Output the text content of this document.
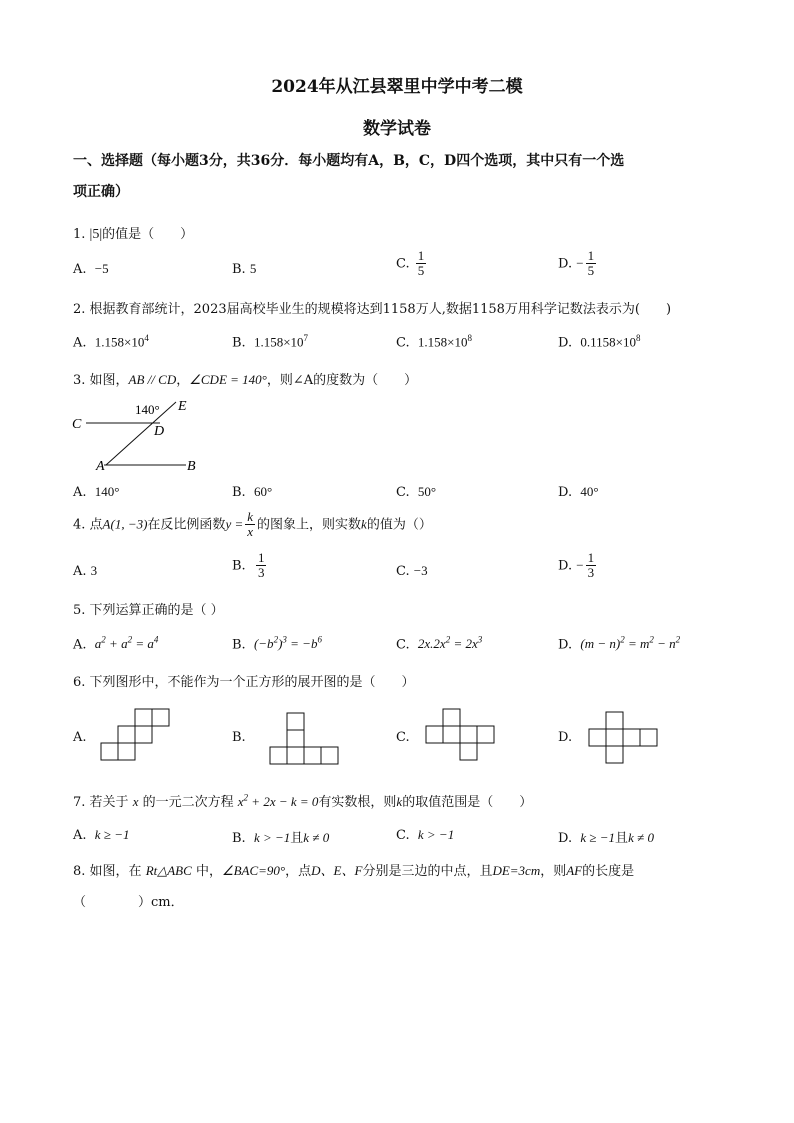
2024年从江县翠里中学中考二模
数学试卷
一、选择题（每小题3分，共36分．每小题均有A，B，C，D四个选项，其中只有一个选
项正确）
1. |5|的值是（　　）
A. −5	B. 5	C. $\frac{1}{5}$	D. − $\frac{1}{5}$
2. 根据教育部统计，2023届高校毕业生的规模将达到1158万人,数据1158万用科学记数法表示为(　　)
A. $1.158\times 10^4$	B. $1.158\times 10^7$	C. $1.158\times 10^8$	D. $0.1158\times 10^8$
3. 如图，AB // CD，∠CDE = 140°，则∠A的度数为（　　）
C	D
E
A	B
140°
A. 140°	B. 60°	C. 50°	D. 40°
4. 点A(1, −3)在反比例函数$y = \frac{k}{x}$ 的图象上，则实数k的值为（）
A. 3	B. $\frac{1}{3}$	C. −3	D. − $\frac{1}{3}$
5. 下列运算正确的是（ ）
A. $a^2 + a^2 = a^4$	B. $(-b^2)^3 = -b^6$	C. $2x.2x^2 = 2x^3$	D. $(m - n)^2 = m^2 - n^2$
6. 下列图形中，不能作为一个正方形的展开图的是（　　）
A.	B.	C.	D.
7. 若关于 x 的一元二次方程 $x^2 + 2x - k = 0$有实数根，则k的取值范围是（　　）
A. k ≥ −1	B. k > −1且k ≠ 0	C. k > −1	D. k ≥ −1且k ≠ 0
8. 如图，在 Rt△ABC 中，∠BAC=90°，点D、E、F分别是三边的中点，且DE=3cm，则AF的长度是
（　　　　）cm．
